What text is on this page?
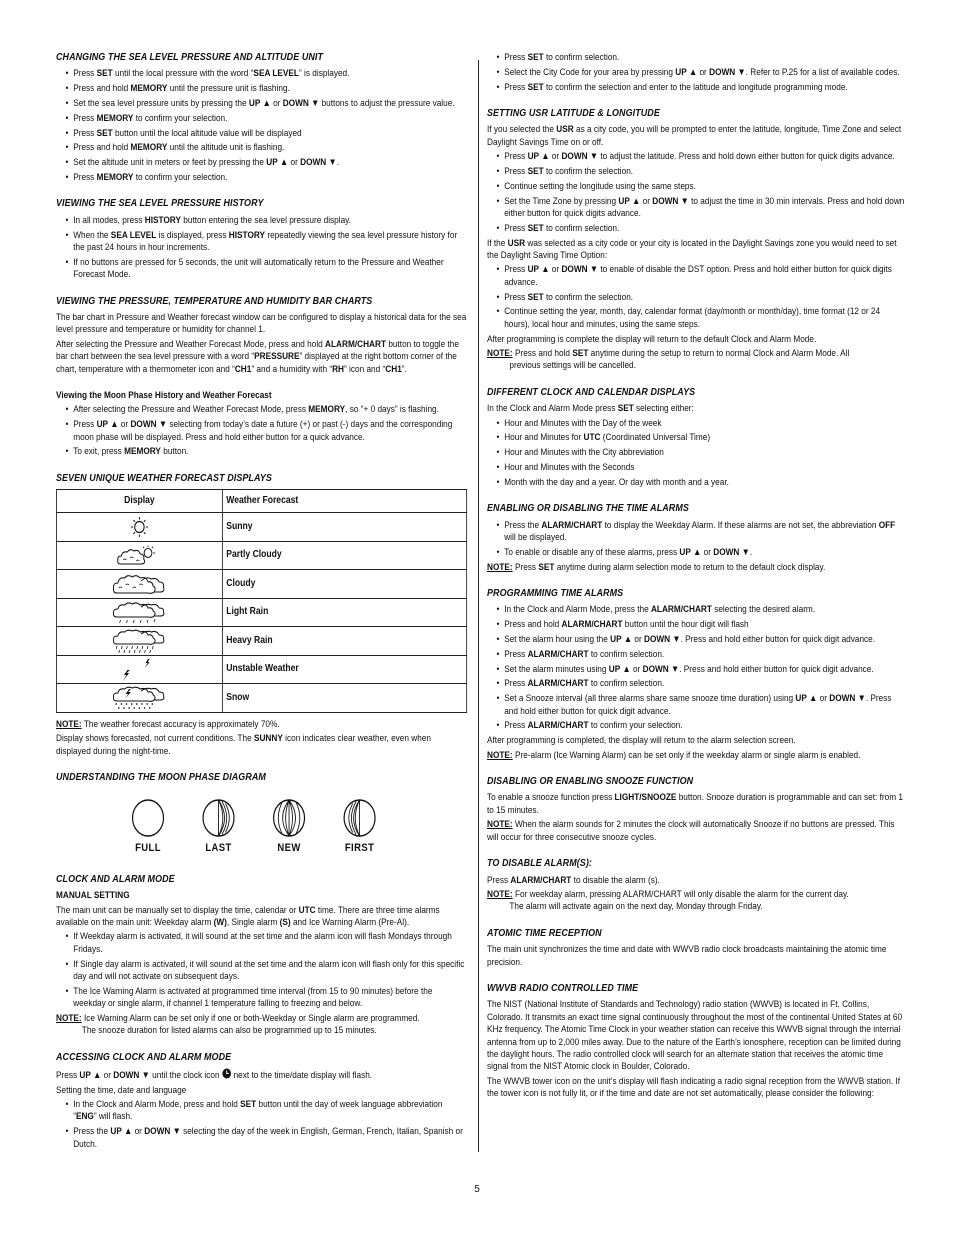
CHANGING THE SEA LEVEL PRESSURE AND ALTITUDE UNIT
• Press SET until the local pressure with the word “SEA LEVEL” is displayed.
• Press and hold MEMORY until the pressure unit is flashing.
• Set the sea level pressure units by pressing the UP ▲ or DOWN ▼ buttons to adjust the pressure value.
• Press MEMORY to confirm your selection.
• Press SET button until the local altitude value will be displayed
• Press and hold MEMORY until the altitude unit is flashing.
• Set the altitude unit in meters or feet by pressing the UP ▲ or DOWN ▼.
• Press MEMORY to confirm your selection.
VIEWING THE SEA LEVEL PRESSURE HISTORY
• In all modes, press HISTORY button entering the sea level pressure display.
• When the SEA LEVEL is displayed, press HISTORY repeatedly viewing the sea level pressure history for the past 24 hours in hour increments.
• If no buttons are pressed for 5 seconds, the unit will automatically return to the Pressure and Weather Forecast Mode.
VIEWING THE PRESSURE, TEMPERATURE AND HUMIDITY BAR CHARTS
The bar chart in Pressure and Weather forecast window can be configured to display a historical data for the sea level pressure and temperature or humidity for channel 1.
After selecting the Pressure and Weather Forecast Mode, press and hold ALARM/CHART button to toggle the bar chart between the sea level pressure with a word “PRESSURE” displayed at the right bottom corner of the chart, temperature with a thermometer icon and “CH1” and a humidity with “RH” icon and “CH1”.
Viewing the Moon Phase History and Weather Forecast
• After selecting the Pressure and Weather Forecast Mode, press MEMORY, so “+ 0 days” is flashing.
• Press UP ▲ or DOWN ▼ selecting from today’s date a future (+) or past (-) days and the corresponding moon phase will be displayed. Press and hold either button for a quick advance.
• To exit, press MEMORY button.
SEVEN UNIQUE WEATHER FORECAST DISPLAYS
Display	Weather Forecast

	Sunny

	Partly Cloudy

	Cloudy

	Light Rain

	Heavy Rain

	Unstable Weather

	Snow
NOTE: The weather forecast accuracy is approximately 70%.
Display shows forecasted, not current conditions. The SUNNY icon indicates clear weather, even when displayed during the night-time.
UNDERSTANDING THE MOON PHASE DIAGRAM
FULL	LAST	NEW	FIRST
CLOCK AND ALARM MODE
MANUAL SETTING
The main unit can be manually set to display the time, calendar or UTC time. There are three time alarms available on the main unit: Weekday alarm (W), Single alarm (S) and Ice Warning Alarm (Pre-Al).
• If Weekday alarm is activated, it will sound at the set time and the alarm icon will flash Mondays through Fridays.
• If Single day alarm is activated, it will sound at the set time and the alarm icon will flash only for this specific day and will not activate on subsequent days.
• The Ice Warning Alarm is activated at programmed time interval (from 15 to 90 minutes) before the weekday or single alarm, if channel 1 temperature falling to freezing and below.
NOTE: Ice Warning Alarm can be set only if one or both-Weekday or Single alarm are programmed.
The snooze duration for listed alarms can also be programmed up to 15 minutes.
ACCESSING CLOCK AND ALARM MODE
Press UP ▲ or DOWN ▼ until the clock icon next to the time/date display will flash.
Setting the time, date and language
• In the Clock and Alarm Mode, press and hold SET button until the day of week language abbreviation “ENG” will flash.
• Press the UP ▲ or DOWN ▼ selecting the day of the week in English, German, French, Italian, Spanish or Dutch.
• Press SET to confirm selection.
• Select the City Code for your area by pressing UP ▲ or DOWN ▼. Refer to P.25 for a list of available codes.
• Press SET to confirm the selection and enter to the latitude and longitude programming mode.
SETTING USR LATITUDE & LONGITUDE
If you selected the USR as a city code, you will be prompted to enter the latitude, longitude, Time Zone and select Daylight Savings Time on or off.
• Press UP ▲ or DOWN ▼ to adjust the latitude. Press and hold down either button for quick digits advance.
• Press SET to confirm the selection.
• Continue setting the longitude using the same steps.
• Set the Time Zone by pressing UP ▲ or DOWN ▼ to adjust the time in 30 min intervals. Press and hold down either button for quick digits advance.
• Press SET to confirm selection.
If the USR was selected as a city code or your city is located in the Daylight Savings zone you would need to set the Daylight Saving Time Option:
• Press UP ▲ or DOWN ▼ to enable of disable the DST option. Press and hold either button for quick digits advance.
• Press SET to confirm the selection.
• Continue setting the year, month, day, calendar format (day/month or month/day), time format (12 or 24 hours), local hour and minutes, using the same steps.
After programming is complete the display will return to the default Clock and Alarm Mode.
NOTE: Press and hold SET anytime during the setup to return to normal Clock and Alarm Mode. All
previous settings will be cancelled.
DIFFERENT CLOCK AND CALENDAR DISPLAYS
In the Clock and Alarm Mode press SET selecting either:
• Hour and Minutes with the Day of the week
• Hour and Minutes for UTC (Coordinated Universal Time)
• Hour and Minutes with the City abbreviation
• Hour and Minutes with the Seconds
• Month with the day and a year. Or day with month and a year.
ENABLING OR DISABLING THE TIME ALARMS
• Press the ALARM/CHART to display the Weekday Alarm. If these alarms are not set, the abbreviation OFF will be displayed.
• To enable or disable any of these alarms, press UP ▲ or DOWN ▼.
NOTE: Press SET anytime during alarm selection mode to return to the default clock display.
PROGRAMMING TIME ALARMS
• In the Clock and Alarm Mode, press the ALARM/CHART selecting the desired alarm.
• Press and hold ALARM/CHART button until the hour digit will flash
• Set the alarm hour using the UP ▲ or DOWN ▼. Press and hold either button for quick digit advance.
• Press ALARM/CHART to confirm selection.
• Set the alarm minutes using UP ▲ or DOWN ▼. Press and hold either button for quick digit advance.
• Press ALARM/CHART to confirm selection.
• Set a Snooze interval (all three alarms share same snooze time duration) using UP ▲ or DOWN ▼. Press and hold either button for quick digit advance.
• Press ALARM/CHART to confirm your selection.
After programming is completed, the display will return to the alarm selection screen.
NOTE: Pre-alarm (Ice Warning Alarm) can be set only if the weekday alarm or single alarm is enabled.
DISABLING OR ENABLING SNOOZE FUNCTION
To enable a snooze function press LIGHT/SNOOZE button. Snooze duration is programmable and can set: from 1 to 15 minutes.
NOTE: When the alarm sounds for 2 minutes the clock will automatically Snooze if no buttons are pressed. This will occur for three consecutive snooze cycles.
TO DISABLE ALARM(S):
Press ALARM/CHART to disable the alarm (s).
NOTE: For weekday alarm, pressing ALARM/CHART will only disable the alarm for the current day.
The alarm will activate again on the next day, Monday through Friday.
ATOMIC TIME RECEPTION
The main unit synchronizes the time and date with WWVB radio clock broadcasts maintaining the atomic time precision.
WWVB RADIO CONTROLLED TIME
The NIST (National Institute of Standards and Technology) radio station (WWVB) is located in Ft. Collins, Colorado. It transmits an exact time signal continuously throughout the most of the continental United States at 60 KHz frequency. The Atomic Time Clock in your weather station can receive this WWVB signal through the internal antenna from up to 2,000 miles away. Due to the nature of the Earth’s ionosphere, reception can be limited during the daylight hours. The radio controlled clock will search for an alternate station that receives the atomic time signal from the NIST Atomic clock in Boulder, Colorado.
The WWVB tower icon on the unit’s display will flash indicating a radio signal reception from the WWVB station. If the tower icon is not fully lit, or if the time and date are not set automatically, please consider the following:
5
